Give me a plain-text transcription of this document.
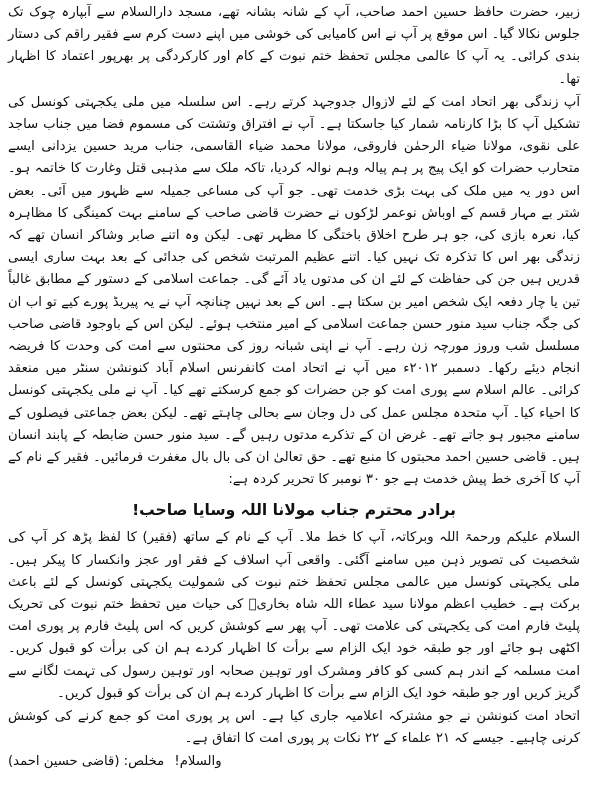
زبیر، حضرت حافظ حسین احمد صاحب، آپ کے شانہ بشانہ تھے، مسجد دارالسلام سے آبپارہ چوک تک جلوس نکالا گیا۔ اس موقع پر آپ نے اس کامیابی کی خوشی میں اپنے دست کرم سے فقیر راقم کی دستار بندی کرائی۔ یہ آپ کا عالمی مجلس تحفظ ختم نبوت کے کام اور کارکردگی پر بھرپور اعتماد کا اظہار تھا۔

آپ زندگی بھر اتحاد امت کے لئے لازوال جدوجہد کرتے رہے۔ اس سلسلہ میں ملی یکجہتی کونسل کی تشکیل آپ کا بڑا کارنامہ شمار کیا جاسکتا ہے۔ آپ نے افتراق وتشتت کی مسموم فضا میں جناب ساجد علی نقوی، مولانا ضیاء الرحمٰن فاروقی، مولانا محمد ضیاء القاسمی، جناب مرید حسین یزدانی ایسے متحارب حضرات کو ایک پیج پر ہم پیالہ وہم نوالہ کردیا، تاکہ ملک سے مذہبی قتل وغارت کا خاتمہ ہو۔ اس دور یہ میں ملک کی بہت بڑی خدمت تھی۔ جو آپ کی مساعی جمیلہ سے ظہور میں آئی۔ بعض شتر بے مہار قسم کے اوباش نوعمر لڑکوں نے حضرت قاضی صاحب کے سامنے بہت کمینگی کا مظاہرہ کیا، نعرہ بازی کی، جو ہر طرح اخلاق باختگی کا مظہر تھی۔ لیکن وہ اتنے صابر وشاکر انسان تھے کہ زندگی بھر اس کا تذکرہ تک نہیں کیا۔ اتنے عظیم المرتبت شخص کی جدائی کے بعد بہت ساری ایسی قدریں ہیں جن کی حفاظت کے لئے ان کی مدتوں یاد آئے گی۔ جماعت اسلامی کے دستور کے مطابق غالباً تین یا چار دفعہ ایک شخص امیر بن سکتا ہے۔ اس کے بعد نہیں چنانچہ آپ نے یہ پیریڈ پورے کیے تو اب ان کی جگہ جناب سید منور حسن جماعت اسلامی کے امیر منتخب ہوئے۔ لیکن اس کے باوجود قاضی صاحب مسلسل شب وروز مورچہ زن رہے۔ آپ نے اپنی شبانہ روز کی محنتوں سے امت کی وحدت کا فریضہ انجام دیئے رکھا۔ دسمبر ۲۰۱۲ء میں آپ نے اتحاد امت کانفرنس اسلام آباد کنونشن سنٹر میں منعقد کرائی۔ عالم اسلام سے پوری امت کو جن حضرات کو جمع کرسکتے تھے کیا۔ آپ نے ملی یکجہتی کونسل کا احیاء کیا۔ آپ متحدہ مجلس عمل کی دل وجان سے بحالی چاہتے تھے۔ لیکن بعض جماعتی فیصلوں کے سامنے مجبور ہو جاتے تھے۔ غرض ان کے تذکرے مدتوں رہیں گے۔ سید منور حسن ضابطہ کے پابند انسان ہیں۔ قاضی حسین احمد محبتوں کا منبع تھے۔ حق تعالیٰ ان کی بال بال مغفرت فرمائیں۔ فقیر کے نام کے آپ کا آخری خط پیش خدمت ہے جو ۳۰ نومبر کا تحریر کردہ ہے:

برادر محترم جناب مولانا اللہ وسایا صاحب!

السلام علیکم ورحمۃ اللہ وبرکاتہ، آپ کا خط ملا۔ آپ کے نام کے ساتھ (فقیر) کا لفظ پڑھ کر آپ کی شخصیت کی تصویر ذہن میں سامنے آگئی۔ واقعی آپ اسلاف کے فقر اور عجز وانکسار کا پیکر ہیں۔ ملی یکجہتی کونسل میں عالمی مجلس تحفظ ختم نبوت کی شمولیت یکجہتی کونسل کے لئے باعث برکت ہے۔ خطیب اعظم مولانا سید عطاء اللہ شاہ بخاریؒ کی حیات میں تحفظ ختم نبوت کی تحریک پلیٹ فارم امت کی یکجہتی کی علامت تھی۔ آپ پھر سے کوشش کریں کہ اس پلیٹ فارم پر پوری امت اکٹھی ہو جائے اور جو طبقہ خود ایک الزام سے برأت کا اظہار کردے ہم ان کی برأت کو قبول کریں۔ امت مسلمہ کے اندر ہم کسی کو کافر ومشرک اور توہین صحابہ اور توہین رسول کی تہمت لگانے سے گریز کریں اور جو طبقہ خود ایک الزام سے برأت کا اظہار کردے ہم ان کی برأت کو قبول کریں۔

اتحاد امت کنونشن نے جو مشترکہ اعلامیہ جاری کیا ہے۔ اس پر پوری امت کو جمع کرنے کی کوشش کرنی چاہیے۔ جیسے کہ ۲۱ علماء کے ۲۲ نکات پر پوری امت کا اتفاق ہے۔

والسلام! مخلص: (قاضی حسین احمد)
